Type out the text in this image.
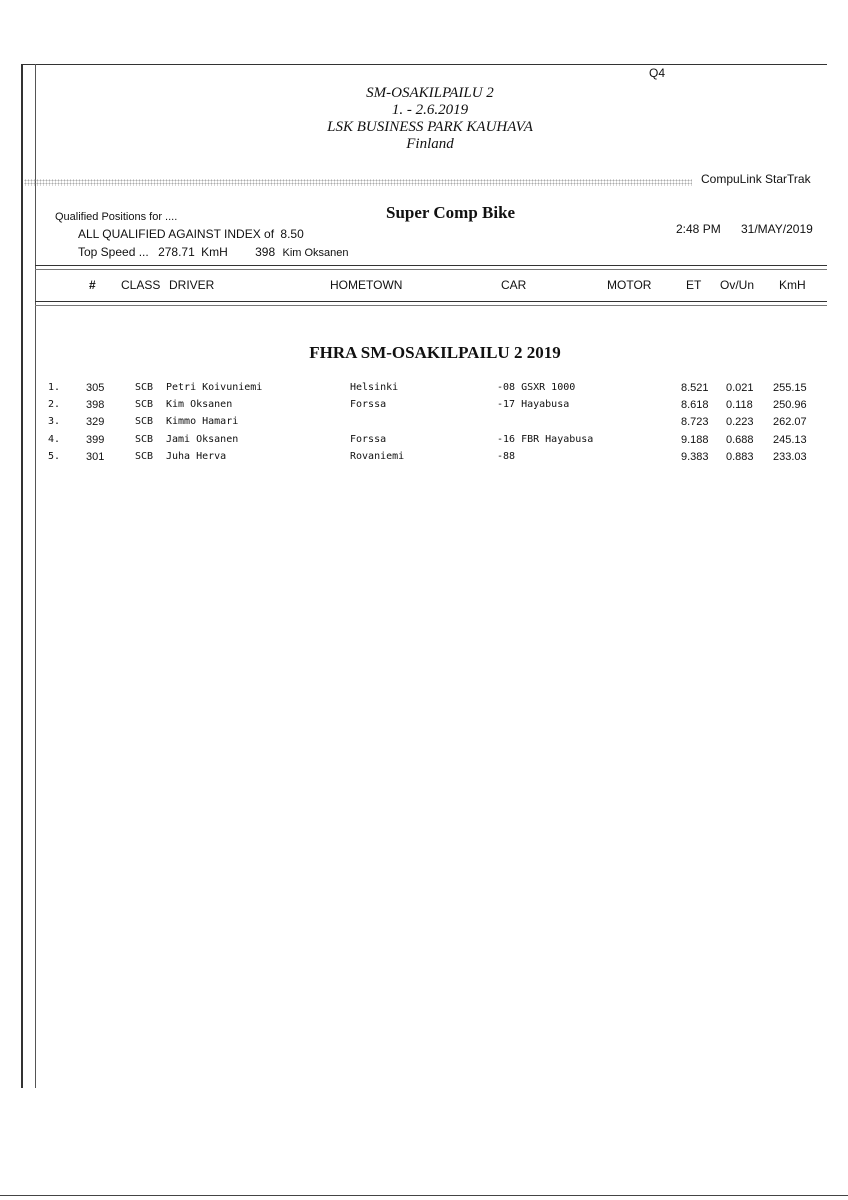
Q4
SM-OSAKILPAILU 2
1. - 2.6.2019
LSK BUSINESS PARK KAUHAVA
Finland
CompuLink StarTrak
Qualified Positions for ....
ALL QUALIFIED AGAINST INDEX of 8.50
Top Speed ... 278.71 KmH 398 Kim Oksanen
Super Comp Bike
2:48 PM 31/MAY/2019
# CLASS DRIVER	HOMETOWN	CAR	MOTOR	ET Ov/Un KmH
FHRA SM-OSAKILPAILU 2 2019
1. 305	SCB Petri Koivuniemi	Helsinki	-08 GSXR 1000	8.521 0.021 255.15
2. 398	SCB Kim Oksanen	Forssa	-17 Hayabusa	8.618 0.118 250.96
3. 329	SCB Kimmo Hamari	8.723 0.223 262.07
4. 399	SCB Jami Oksanen	Forssa	-16 FBR Hayabusa	9.188 0.688 245.13
5. 301	SCB Juha Herva	Rovaniemi	-88	9.383 0.883 233.03
